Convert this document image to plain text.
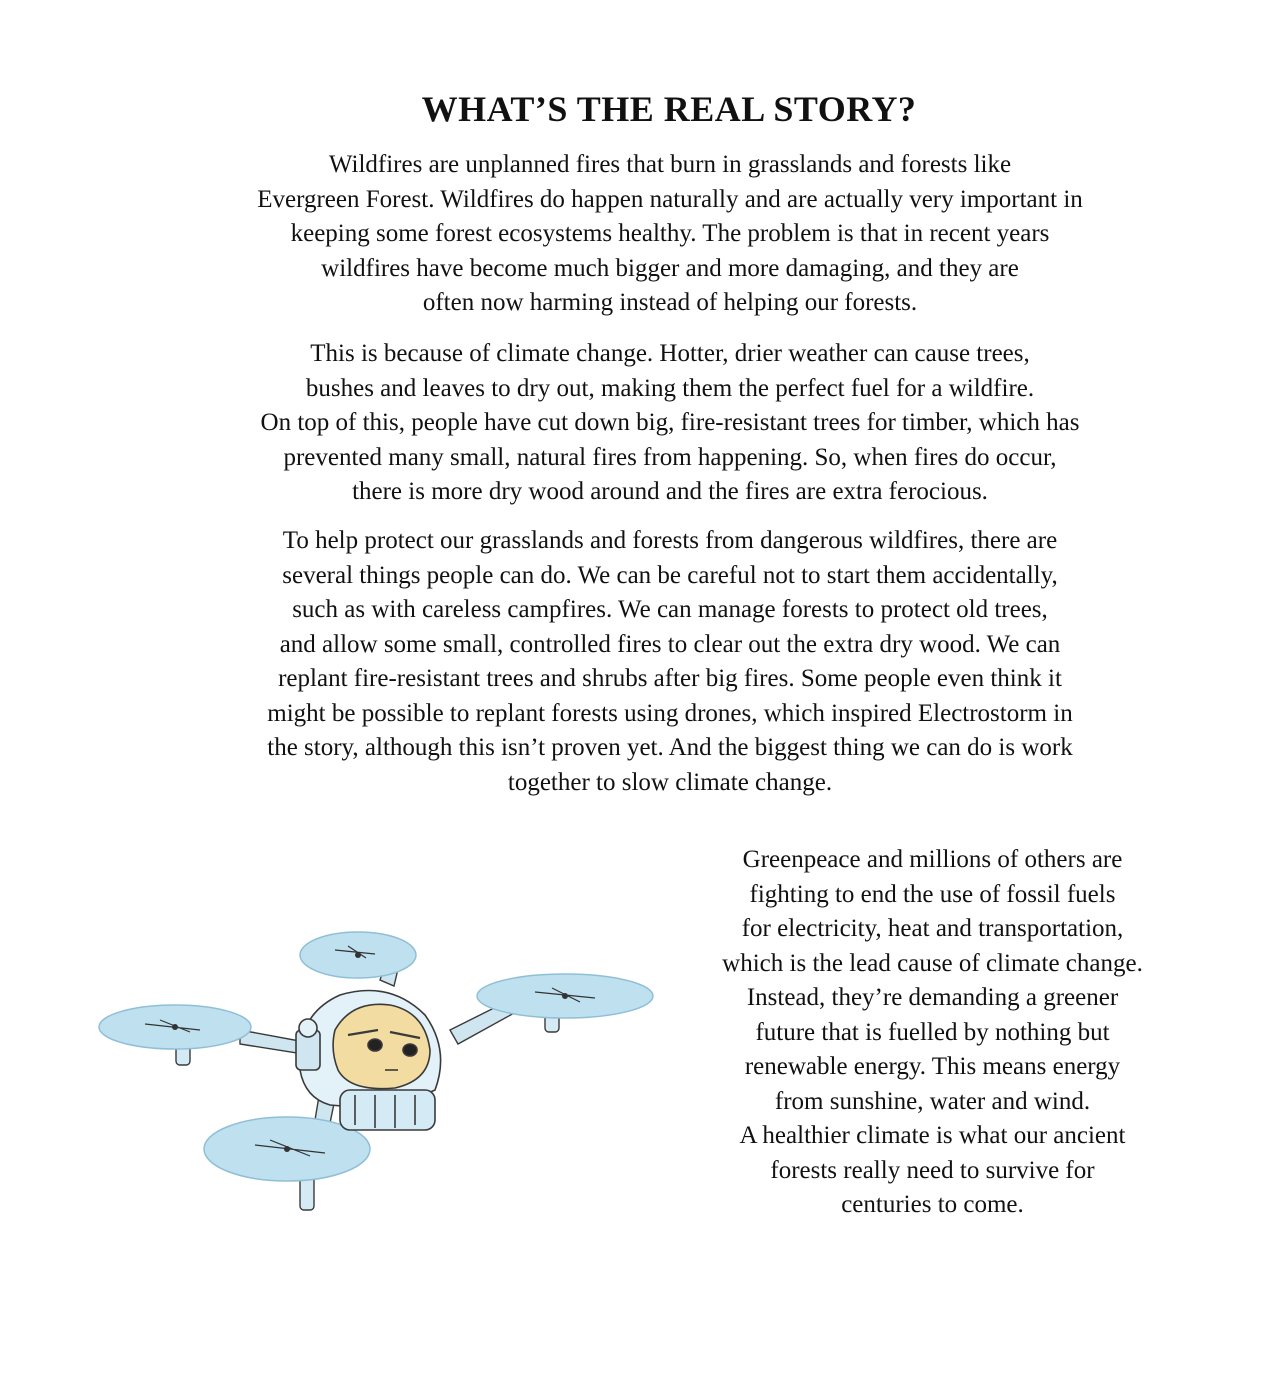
WHAT’S THE REAL STORY?

Wildfires are unplanned fires that burn in grasslands and forests like
Evergreen Forest. Wildfires do happen naturally and are actually very important in
keeping some forest ecosystems healthy. The problem is that in recent years
wildfires have become much bigger and more damaging, and they are
often now harming instead of helping our forests.

This is because of climate change. Hotter, drier weather can cause trees,
bushes and leaves to dry out, making them the perfect fuel for a wildfire.
On top of this, people have cut down big, fire-resistant trees for timber, which has
prevented many small, natural fires from happening. So, when fires do occur,
there is more dry wood around and the fires are extra ferocious.

To help protect our grasslands and forests from dangerous wildfires, there are
several things people can do. We can be careful not to start them accidentally,
such as with careless campfires. We can manage forests to protect old trees,
and allow some small, controlled fires to clear out the extra dry wood. We can
replant fire-resistant trees and shrubs after big fires. Some people even think it
might be possible to replant forests using drones, which inspired Electrostorm in
the story, although this isn’t proven yet. And the biggest thing we can do is work
together to slow climate change.

Greenpeace and millions of others are
fighting to end the use of fossil fuels
for electricity, heat and transportation,
which is the lead cause of climate change.
Instead, they’re demanding a greener
future that is fuelled by nothing but
renewable energy. This means energy
from sunshine, water and wind.
A healthier climate is what our ancient
forests really need to survive for
centuries to come.
